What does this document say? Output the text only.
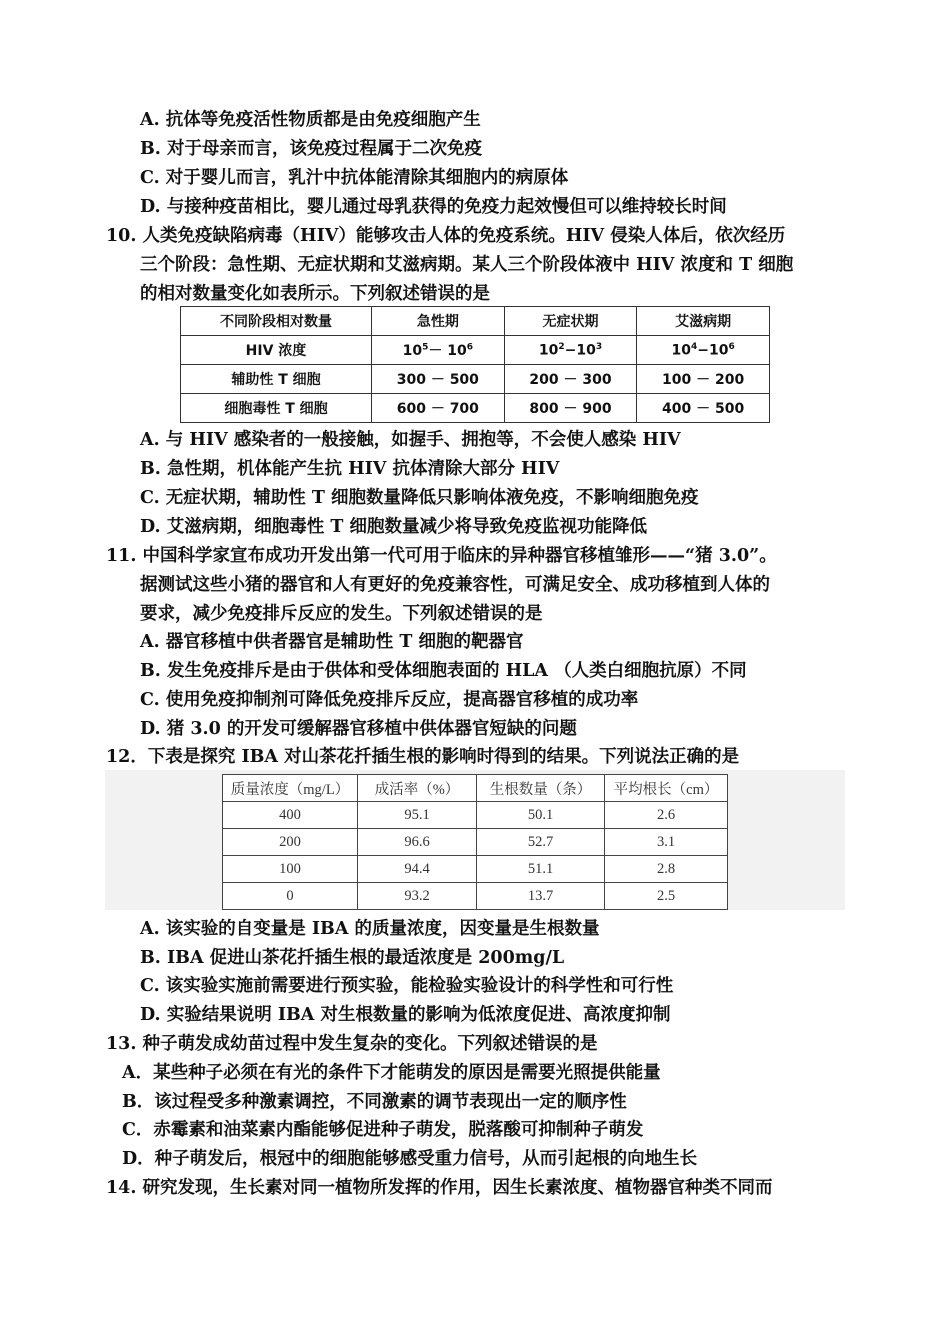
A. 抗体等免疫活性物质都是由免疫细胞产生
B. 对于母亲而言，该免疫过程属于二次免疫
C. 对于婴儿而言，乳汁中抗体能清除其细胞内的病原体
D. 与接种疫苗相比，婴儿通过母乳获得的免疫力起效慢但可以维持较长时间
10. 人类免疫缺陷病毒（HIV）能够攻击人体的免疫系统。HIV 侵染人体后，依次经历
三个阶段：急性期、无症状期和艾滋病期。某人三个阶段体液中 HIV 浓度和 T 细胞
的相对数量变化如表所示。下列叙述错误的是
不同阶段相对数量	急性期	无症状期	艾滋病期
HIV 浓度	$10^5- 10^6$	$10^2-10^3$	$10^4-10^6$
辅助性 T 细胞	300 － 500	200 － 300	100 － 200
细胞毒性 T 细胞	600 － 700	800 － 900	400 － 500
A. 与 HIV 感染者的一般接触，如握手、拥抱等，不会使人感染 HIV
B. 急性期，机体能产生抗 HIV 抗体清除大部分 HIV
C. 无症状期，辅助性 T 细胞数量降低只影响体液免疫，不影响细胞免疫
D. 艾滋病期，细胞毒性 T 细胞数量减少将导致免疫监视功能降低
11. 中国科学家宣布成功开发出第一代可用于临床的异种器官移植雏形——“猪 3.0”。
据测试这些小猪的器官和人有更好的免疫兼容性，可满足安全、成功移植到人体的
要求，减少免疫排斥反应的发生。下列叙述错误的是
A. 器官移植中供者器官是辅助性 T 细胞的靶器官
B. 发生免疫排斥是由于供体和受体细胞表面的 HLA （人类白细胞抗原）不同
C. 使用免疫抑制剂可降低免疫排斥反应，提高器官移植的成功率
D. 猪 3.0 的开发可缓解器官移植中供体器官短缺的问题
12．下表是探究 IBA 对山茶花扦插生根的影响时得到的结果。下列说法正确的是
质量浓度（mg/L）	成活率（%）	生根数量（条）	平均根长（cm）
400	95.1	50.1	2.6
200	96.6	52.7	3.1
100	94.4	51.1	2.8
0	93.2	13.7	2.5
A. 该实验的自变量是 IBA 的质量浓度，因变量是生根数量
B. IBA 促进山茶花扦插生根的最适浓度是 200mg/L
C. 该实验实施前需要进行预实验，能检验实验设计的科学性和可行性
D. 实验结果说明 IBA 对生根数量的影响为低浓度促进、高浓度抑制
13. 种子萌发成幼苗过程中发生复杂的变化。下列叙述错误的是
A．某些种子必须在有光的条件下才能萌发的原因是需要光照提供能量
B．该过程受多种激素调控，不同激素的调节表现出一定的顺序性
C．赤霉素和油菜素内酯能够促进种子萌发，脱落酸可抑制种子萌发
D．种子萌发后，根冠中的细胞能够感受重力信号，从而引起根的向地生长
14. 研究发现，生长素对同一植物所发挥的作用，因生长素浓度、植物器官种类不同而
